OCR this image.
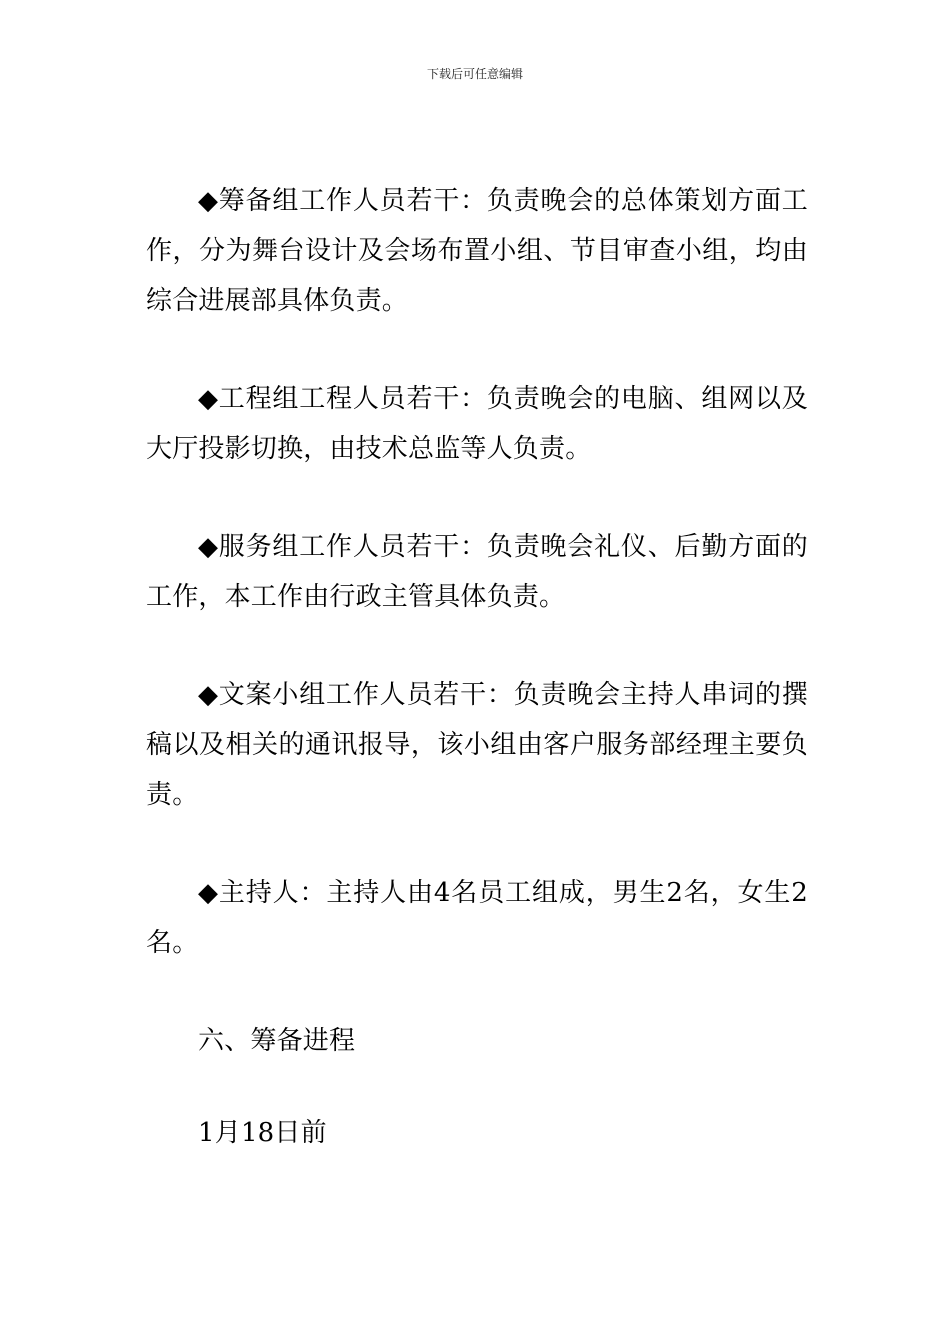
下载后可任意编辑

◆筹备组工作人员若干：负责晚会的总体策划方面工作，分为舞台设计及会场布置小组、节目审查小组，均由综合进展部具体负责。

◆工程组工程人员若干：负责晚会的电脑、组网以及大厅投影切换，由技术总监等人负责。

◆服务组工作人员若干：负责晚会礼仪、后勤方面的工作，本工作由行政主管具体负责。

◆文案小组工作人员若干：负责晚会主持人串词的撰稿以及相关的通讯报导，该小组由客户服务部经理主要负责。

◆主持人：主持人由4名员工组成，男生2名，女生2名。

六、筹备进程

1月18日前
